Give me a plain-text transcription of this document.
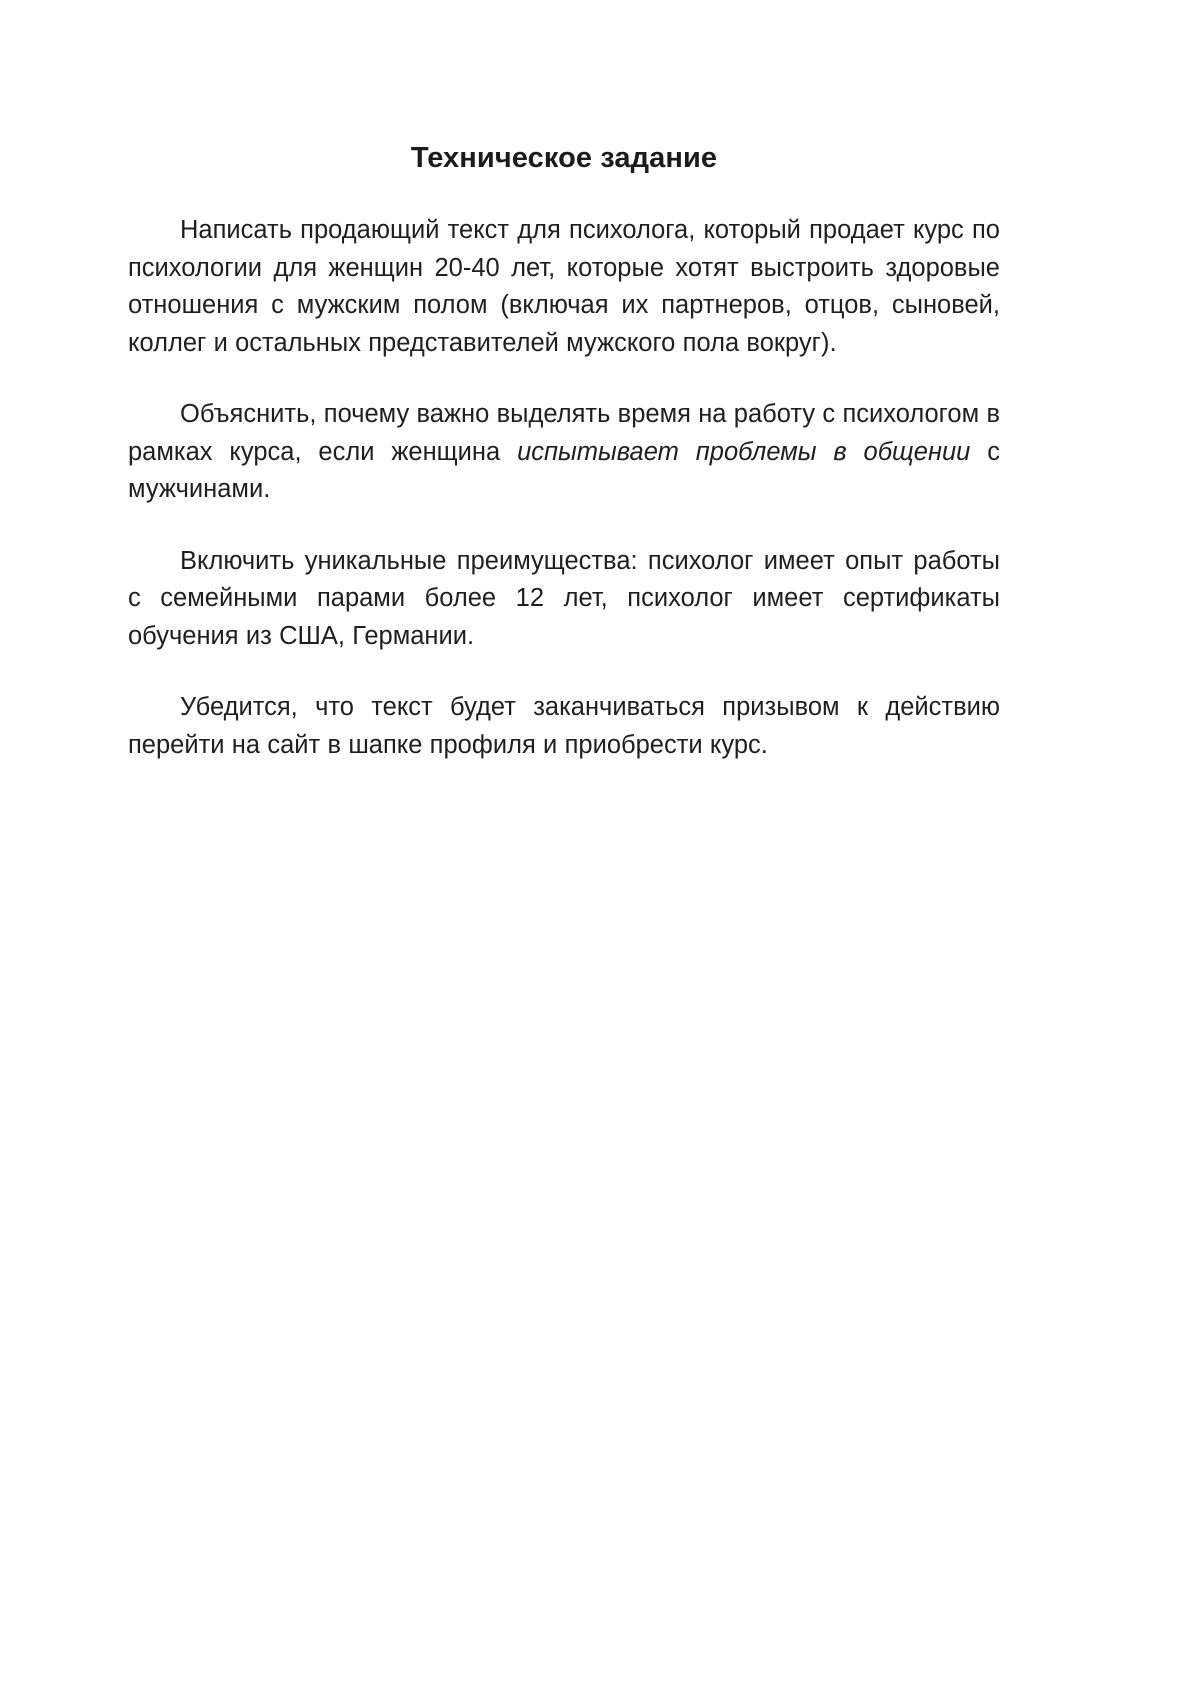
Техническое задание

Написать продающий текст для психолога, который продает курс по психологии для женщин 20-40 лет, которые хотят выстроить здоровые отношения с мужским полом (включая их партнеров, отцов, сыновей, коллег и остальных представителей мужского пола вокруг).

Объяснить, почему важно выделять время на работу с психологом в рамках курса, если женщина испытывает проблемы в общении с мужчинами.

Включить уникальные преимущества: психолог имеет опыт работы с семейными парами более 12 лет, психолог имеет сертификаты обучения из США, Германии.

Убедится, что текст будет заканчиваться призывом к действию перейти на сайт в шапке профиля и приобрести курс.
